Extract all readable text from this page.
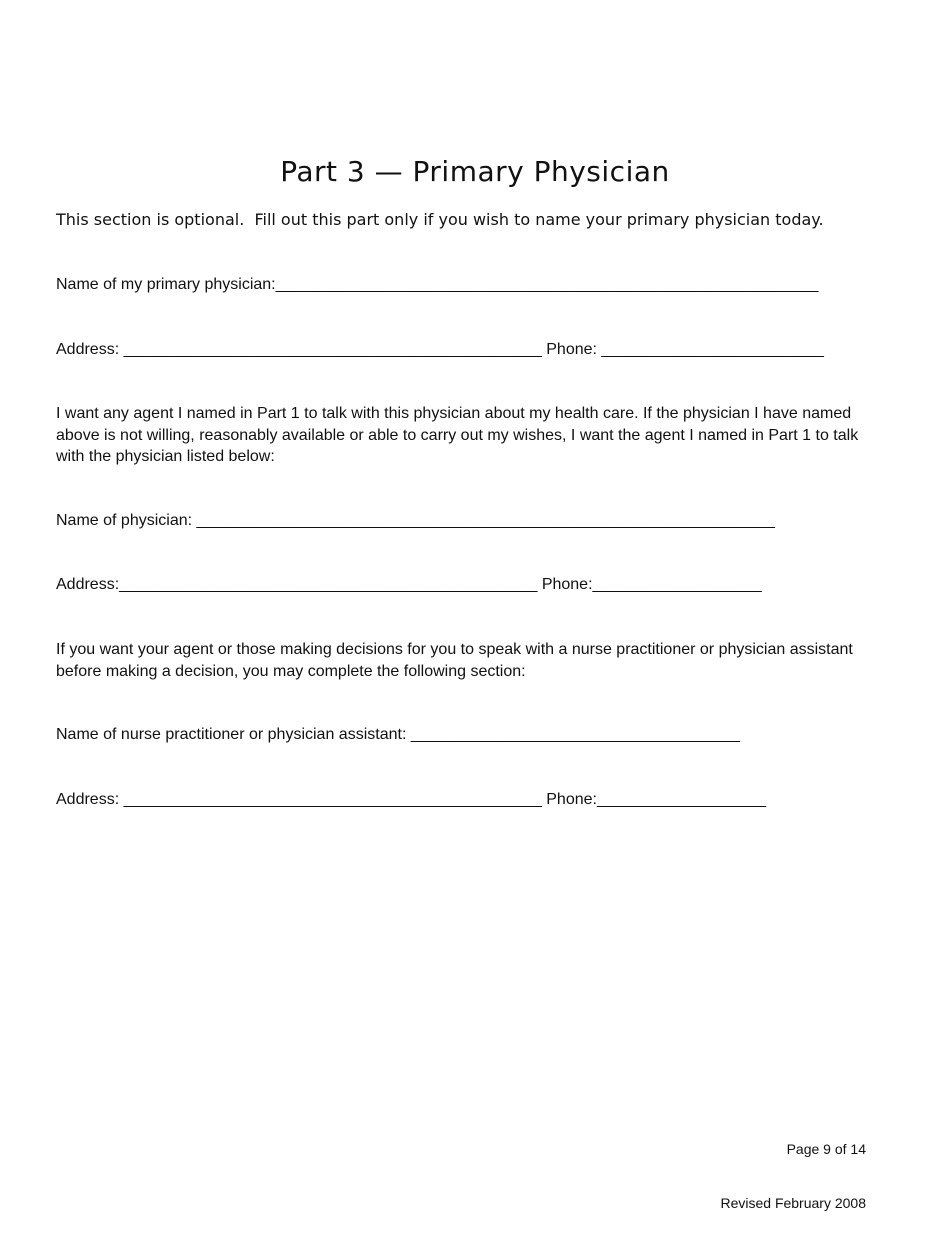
Part 3 — Primary Physician

This section is optional.  Fill out this part only if you wish to name your primary physician today.

Name of my primary physician:_____________________________________________________________

Address: _______________________________________________ Phone: _________________________

I want any agent I named in Part 1 to talk with this physician about my health care. If the physician I have named above is not willing, reasonably available or able to carry out my wishes, I want the agent I named in Part 1 to talk with the physician listed below:

Name of physician: _________________________________________________________________

Address:_______________________________________________ Phone:___________________

If you want your agent or those making decisions for you to speak with a nurse practitioner or physician assistant before making a decision, you may complete the following section:

Name of nurse practitioner or physician assistant: _____________________________________

Address: _______________________________________________ Phone:___________________

Page 9 of 14

Revised February 2008
